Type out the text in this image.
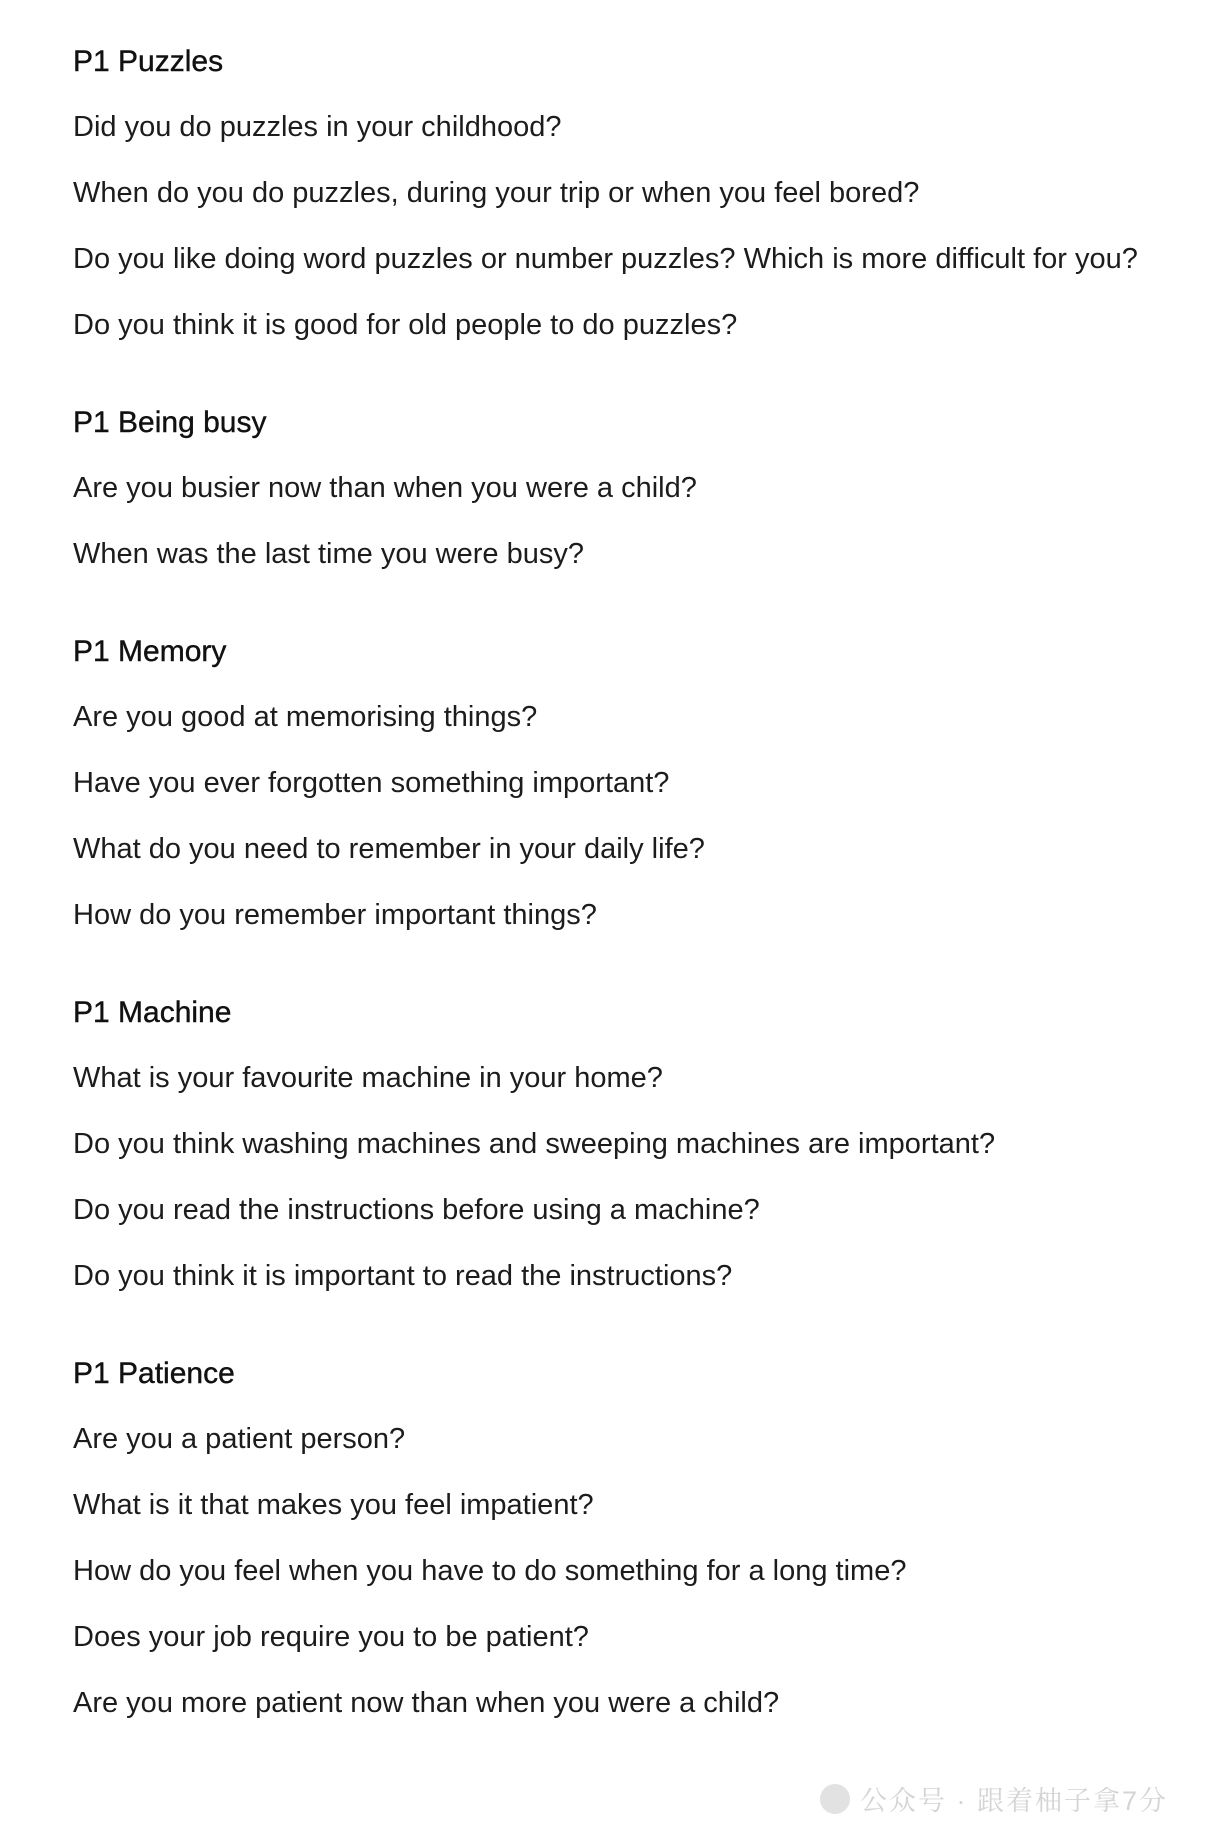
P1 Puzzles
Did you do puzzles in your childhood?
When do you do puzzles, during your trip or when you feel bored?
Do you like doing word puzzles or number puzzles? Which is more difficult for you?
Do you think it is good for old people to do puzzles?
P1 Being busy
Are you busier now than when you were a child?
When was the last time you were busy?
P1 Memory
Are you good at memorising things?
Have you ever forgotten something important?
What do you need to remember in your daily life?
How do you remember important things?
P1 Machine
What is your favourite machine in your home?
Do you think washing machines and sweeping machines are important?
Do you read the instructions before using a machine?
Do you think it is important to read the instructions?
P1 Patience
Are you a patient person?
What is it that makes you feel impatient?
How do you feel when you have to do something for a long time?
Does your job require you to be patient?
Are you more patient now than when you were a child?
公众号 · 跟着柚子拿7分
